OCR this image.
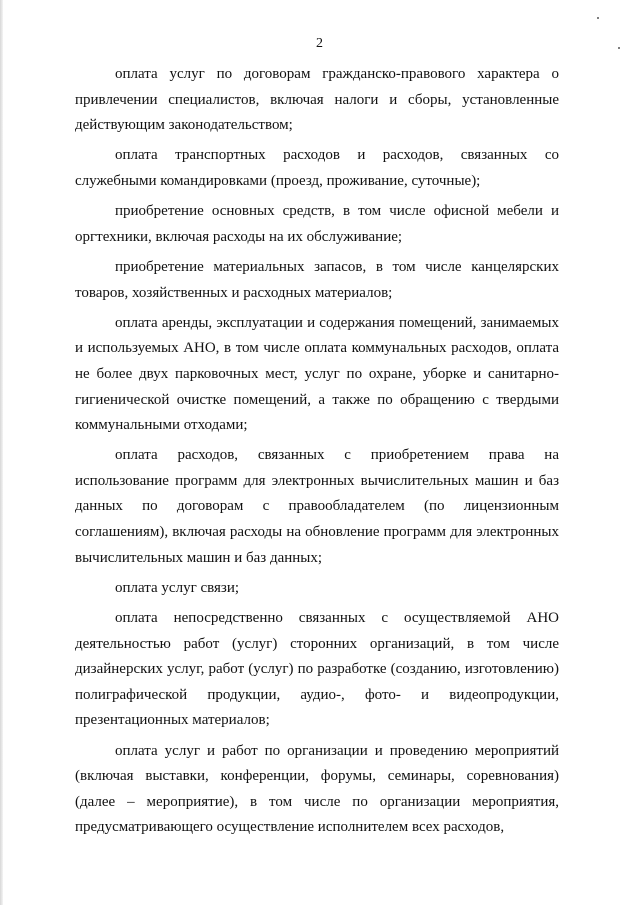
2

оплата услуг по договорам гражданско-правового характера о привлечении специалистов, включая налоги и сборы, установленные действующим законодательством;

оплата транспортных расходов и расходов, связанных со служебными командировками (проезд, проживание, суточные);

приобретение основных средств, в том числе офисной мебели и оргтехники, включая расходы на их обслуживание;

приобретение материальных запасов, в том числе канцелярских товаров, хозяйственных и расходных материалов;

оплата аренды, эксплуатации и содержания помещений, занимаемых и используемых АНО, в том числе оплата коммунальных расходов, оплата не более двух парковочных мест, услуг по охране, уборке и санитарно-гигиенической очистке помещений, а также по обращению с твердыми коммунальными отходами;

оплата расходов, связанных с приобретением права на использование программ для электронных вычислительных машин и баз данных по договорам с правообладателем (по лицензионным соглашениям), включая расходы на обновление программ для электронных вычислительных машин и баз данных;

оплата услуг связи;

оплата непосредственно связанных с осуществляемой АНО деятельностью работ (услуг) сторонних организаций, в том числе дизайнерских услуг, работ (услуг) по разработке (созданию, изготовлению) полиграфической продукции, аудио-, фото- и видеопродукции, презентационных материалов;

оплата услуг и работ по организации и проведению мероприятий (включая выставки, конференции, форумы, семинары, соревнования) (далее – мероприятие), в том числе по организации мероприятия, предусматривающего осуществление исполнителем всех расходов,
